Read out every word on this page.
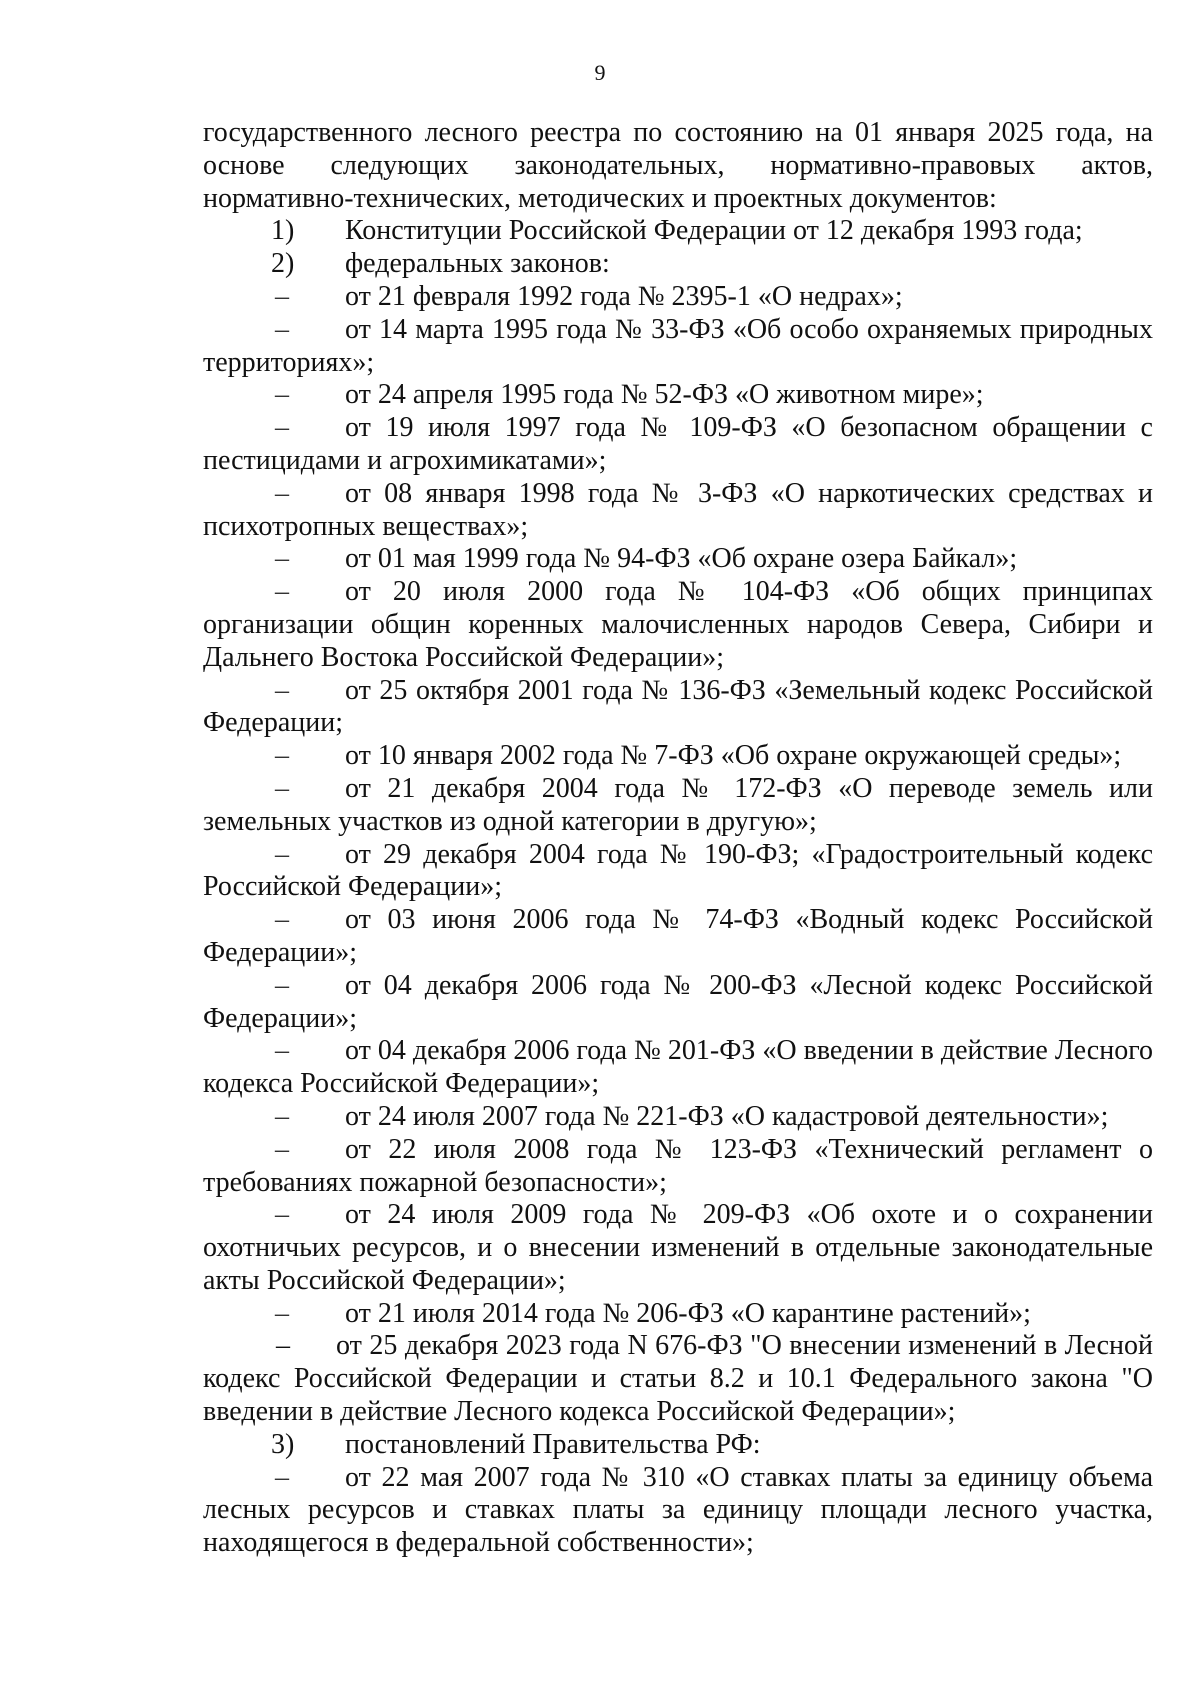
9
государственного лесного реестра по состоянию на 01 января 2025 года, на
основе следующих законодательных, нормативно-правовых актов,
нормативно-технических, методических и проектных документов:
1)	Конституции Российской Федерации от 12 декабря 1993 года;
2)	федеральных законов:
–	от 21 февраля 1992 года № 2395-1 «О недрах»;
–	от 14 марта 1995 года № 33-ФЗ «Об особо охраняемых природных
территориях»;
–	от 24 апреля 1995 года № 52-ФЗ «О животном мире»;
–	от 19 июля 1997 года № 109-ФЗ «О безопасном обращении с
пестицидами и агрохимикатами»;
–	от 08 января 1998 года № 3-ФЗ «О наркотических средствах и
психотропных веществах»;
–	от 01 мая 1999 года № 94-ФЗ «Об охране озера Байкал»;
–	от 20 июля 2000 года № 104-ФЗ «Об общих принципах
организации общин коренных малочисленных народов Севера, Сибири и
Дальнего Востока Российской Федерации»;
–	от 25 октября 2001 года № 136-ФЗ «Земельный кодекс Российской
Федерации;
–	от 10 января 2002 года № 7-ФЗ «Об охране окружающей среды»;
–	от 21 декабря 2004 года № 172-ФЗ «О переводе земель или
земельных участков из одной категории в другую»;
–	от 29 декабря 2004 года № 190-ФЗ; «Градостроительный кодекс
Российской Федерации»;
–	от 03 июня 2006 года № 74-ФЗ «Водный кодекс Российской
Федерации»;
–	от 04 декабря 2006 года № 200-ФЗ «Лесной кодекс Российской
Федерации»;
–	от 04 декабря 2006 года № 201-ФЗ «О введении в действие Лесного
кодекса Российской Федерации»;
–	от 24 июля 2007 года № 221-ФЗ «О кадастровой деятельности»;
–	от 22 июля 2008 года № 123-ФЗ «Технический регламент о
требованиях пожарной безопасности»;
–	от 24 июля 2009 года № 209-ФЗ «Об охоте и о сохранении
охотничьих ресурсов, и о внесении изменений в отдельные законодательные
акты Российской Федерации»;
–	от 21 июля 2014 года № 206-ФЗ «О карантине растений»;
– от 25 декабря 2023 года N 676-ФЗ "О внесении изменений в Лесной
кодекс Российской Федерации и статьи 8.2 и 10.1 Федерального закона "О
введении в действие Лесного кодекса Российской Федерации»;
3)	постановлений Правительства РФ:
–	от 22 мая 2007 года № 310 «О ставках платы за единицу объема
лесных ресурсов и ставках платы за единицу площади лесного участка,
находящегося в федеральной собственности»;
